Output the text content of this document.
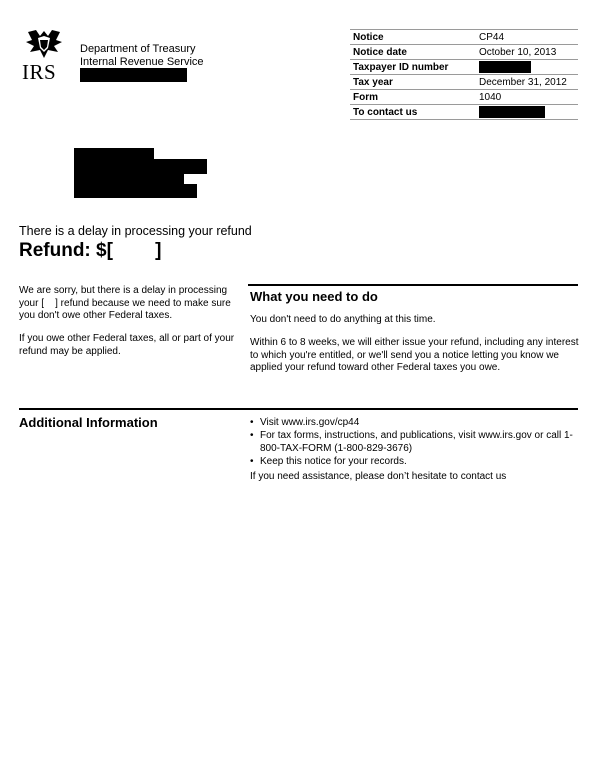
IRS
Department of Treasury
Internal Revenue Service
Notice	CP44
Notice date	October 10, 2013
Taxpayer ID number	
Tax year	December 31, 2012
Form	1040
To contact us	
There is a delay in processing your refund
Refund: $[        ]
We are sorry, but there is a delay in processing your [    ] refund because we need to make sure you don't owe other Federal taxes.
If you owe other Federal taxes, all or part of your refund may be applied.
What you need to do
You don't need to do anything at this time.
Within 6 to 8 weeks, we will either issue your refund, including any interest to which you're entitled, or we'll send you a notice letting you know we applied your refund toward other Federal taxes you owe.
Additional Information	• Visit www.irs.gov/cp44
• For tax forms, instructions, and publications, visit www.irs.gov or call 1-800-TAX-FORM (1-800-829-3676)
• Keep this notice for your records.
If you need assistance, please don’t hesitate to contact us
